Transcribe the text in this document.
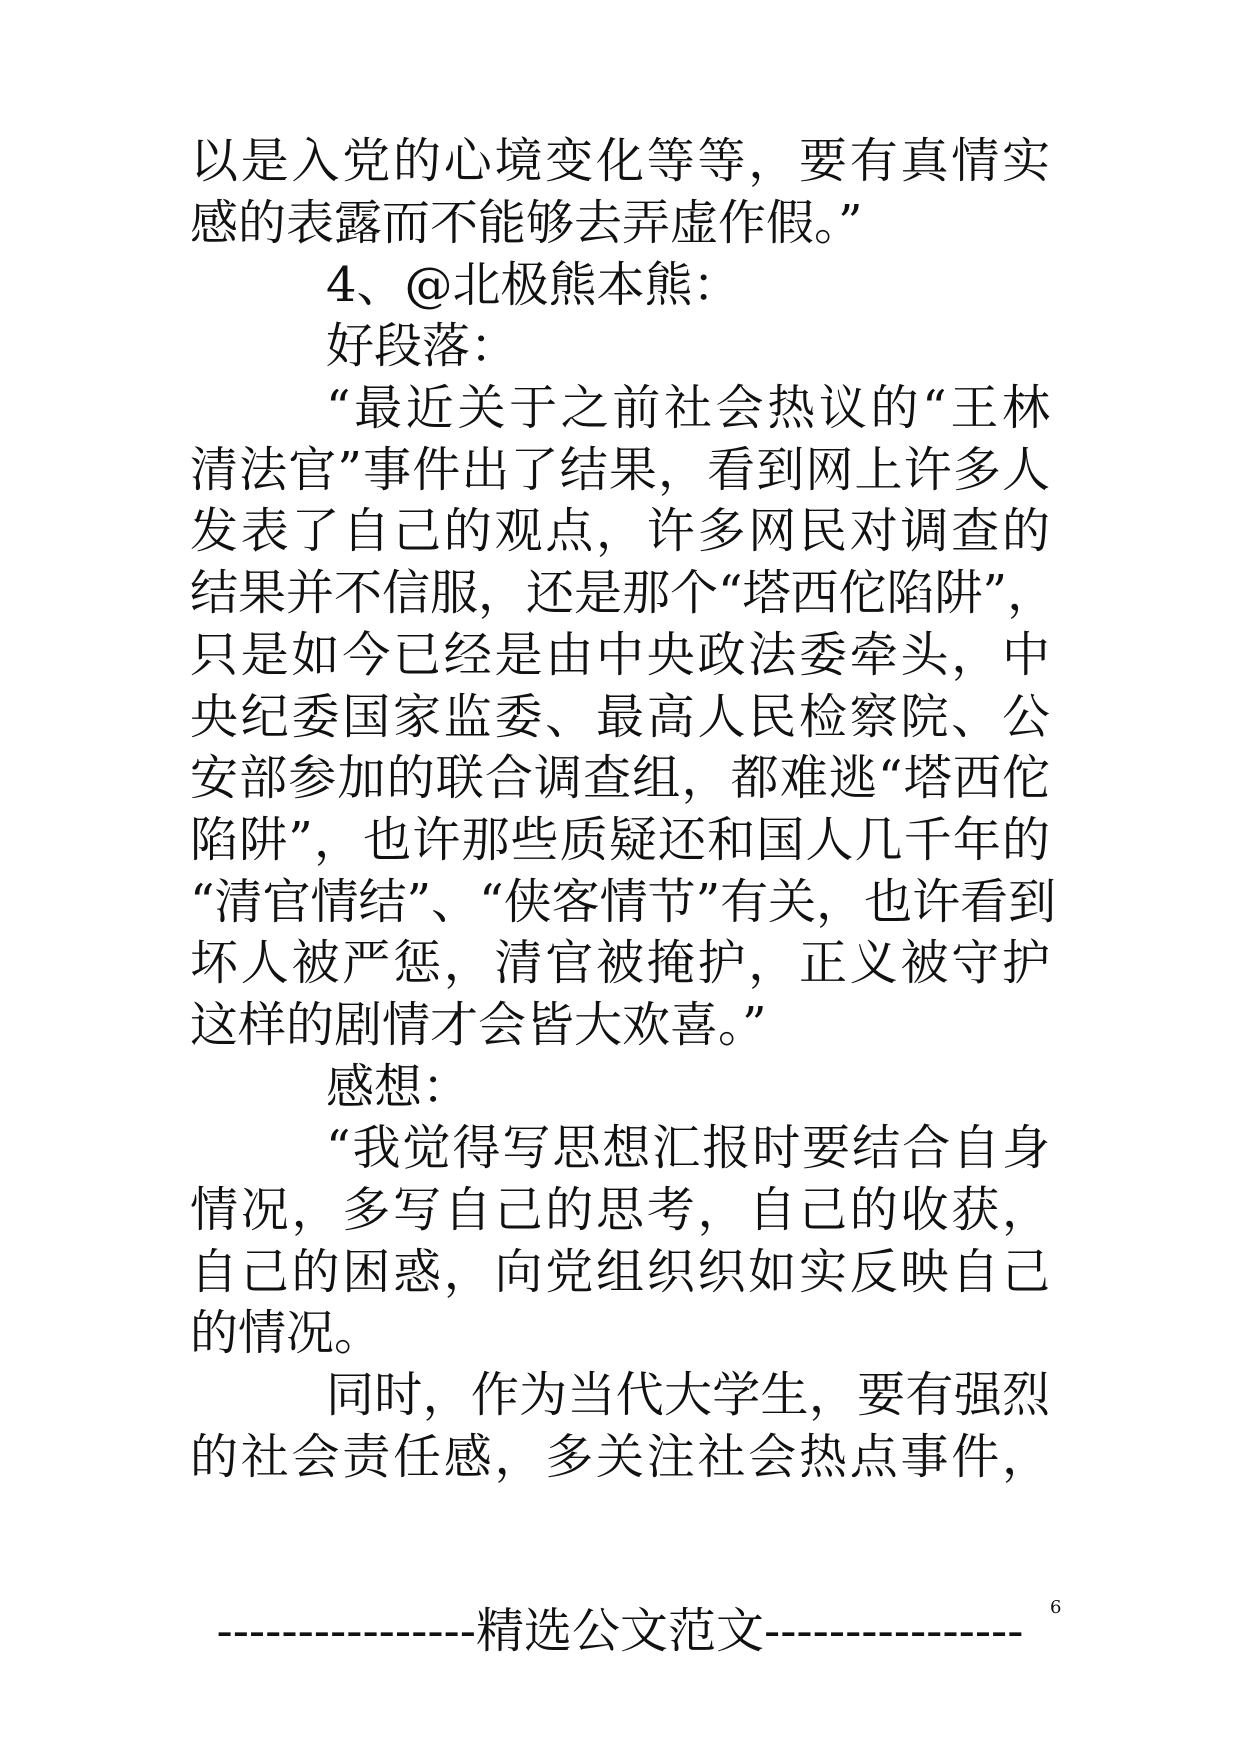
以是入党的心境变化等等，要有真情实
感的表露而不能够去弄虚作假。”
4、@北极熊本熊：
好段落：
“最近关于之前社会热议的“王林
清法官”事件出了结果，看到网上许多人
发表了自己的观点，许多网民对调查的
结果并不信服，还是那个“塔西佗陷阱”，
只是如今已经是由中央政法委牵头，中
央纪委国家监委、最高人民检察院、公
安部参加的联合调查组，都难逃“塔西佗
陷阱”，也许那些质疑还和国人几千年的
“清官情结”、“侠客情节”有关，也许看到
坏人被严惩，清官被掩护，正义被守护
这样的剧情才会皆大欢喜。”
感想：
“我觉得写思想汇报时要结合自身
情况，多写自己的思考，自己的收获，
自己的困惑，向党组织织如实反映自己
的情况。
同时，作为当代大学生，要有强烈
的社会责任感，多关注社会热点事件，
----------------精选公文范文----------------	6
